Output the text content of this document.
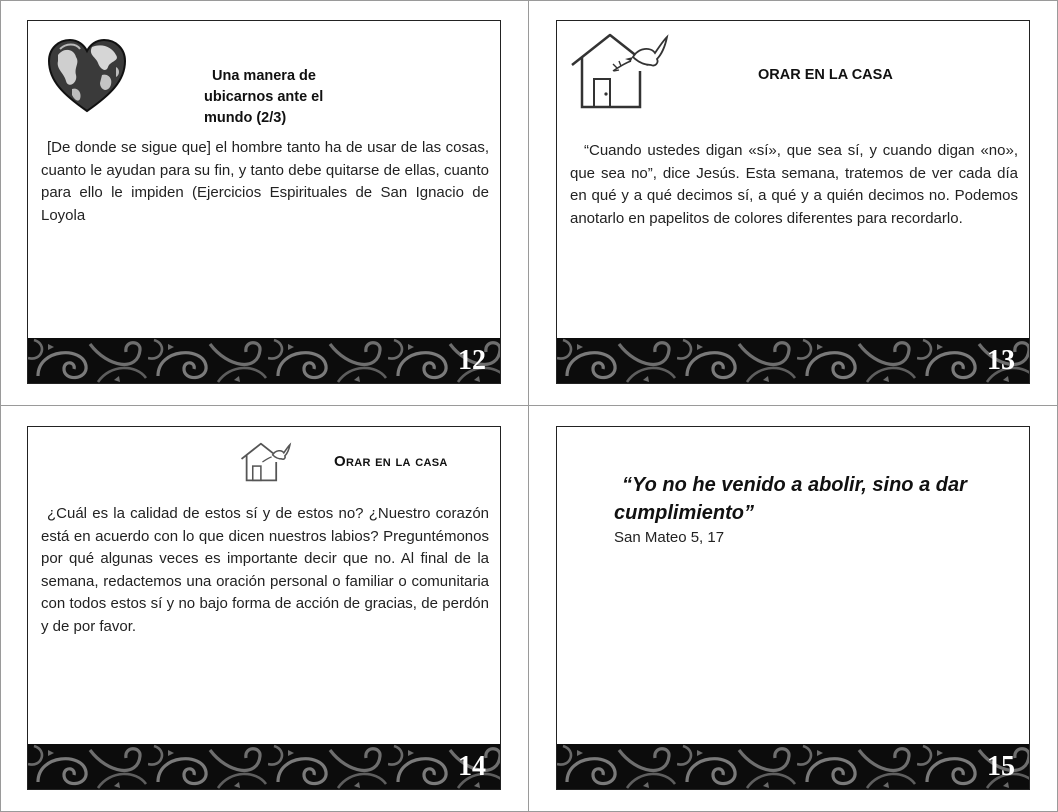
Una manera de ubicarnos ante el mundo (2/3)
[De donde se sigue que] el hombre tanto ha de usar de las cosas, cuanto le ayudan para su fin, y tanto debe quitarse de ellas, cuanto para ello le impiden (Ejercicios Espirituales de San Ignacio de Loyola
12
ORAR EN LA CASA
“Cuando ustedes digan «sí», que sea sí, y cuando digan «no», que sea no”, dice Jesús. Esta semana, tratemos de ver cada día en qué y a qué decimos sí, a qué y a quién decimos no. Podemos anotarlo en papelitos de colores diferentes para recordarlo.
13
Orar en la casa
¿Cuál es la calidad de estos sí y de estos no? ¿Nuestro corazón está en acuerdo con lo que dicen nuestros labios? Preguntémonos por qué algunas veces es importante decir que no. Al final de la semana, redactemos una oración personal o familiar o comunitaria con todos estos sí y no bajo forma de acción de gracias, de perdón y de por favor.
14
“Yo no he venido a abolir, sino a dar cumplimiento”
San Mateo 5, 17
15
